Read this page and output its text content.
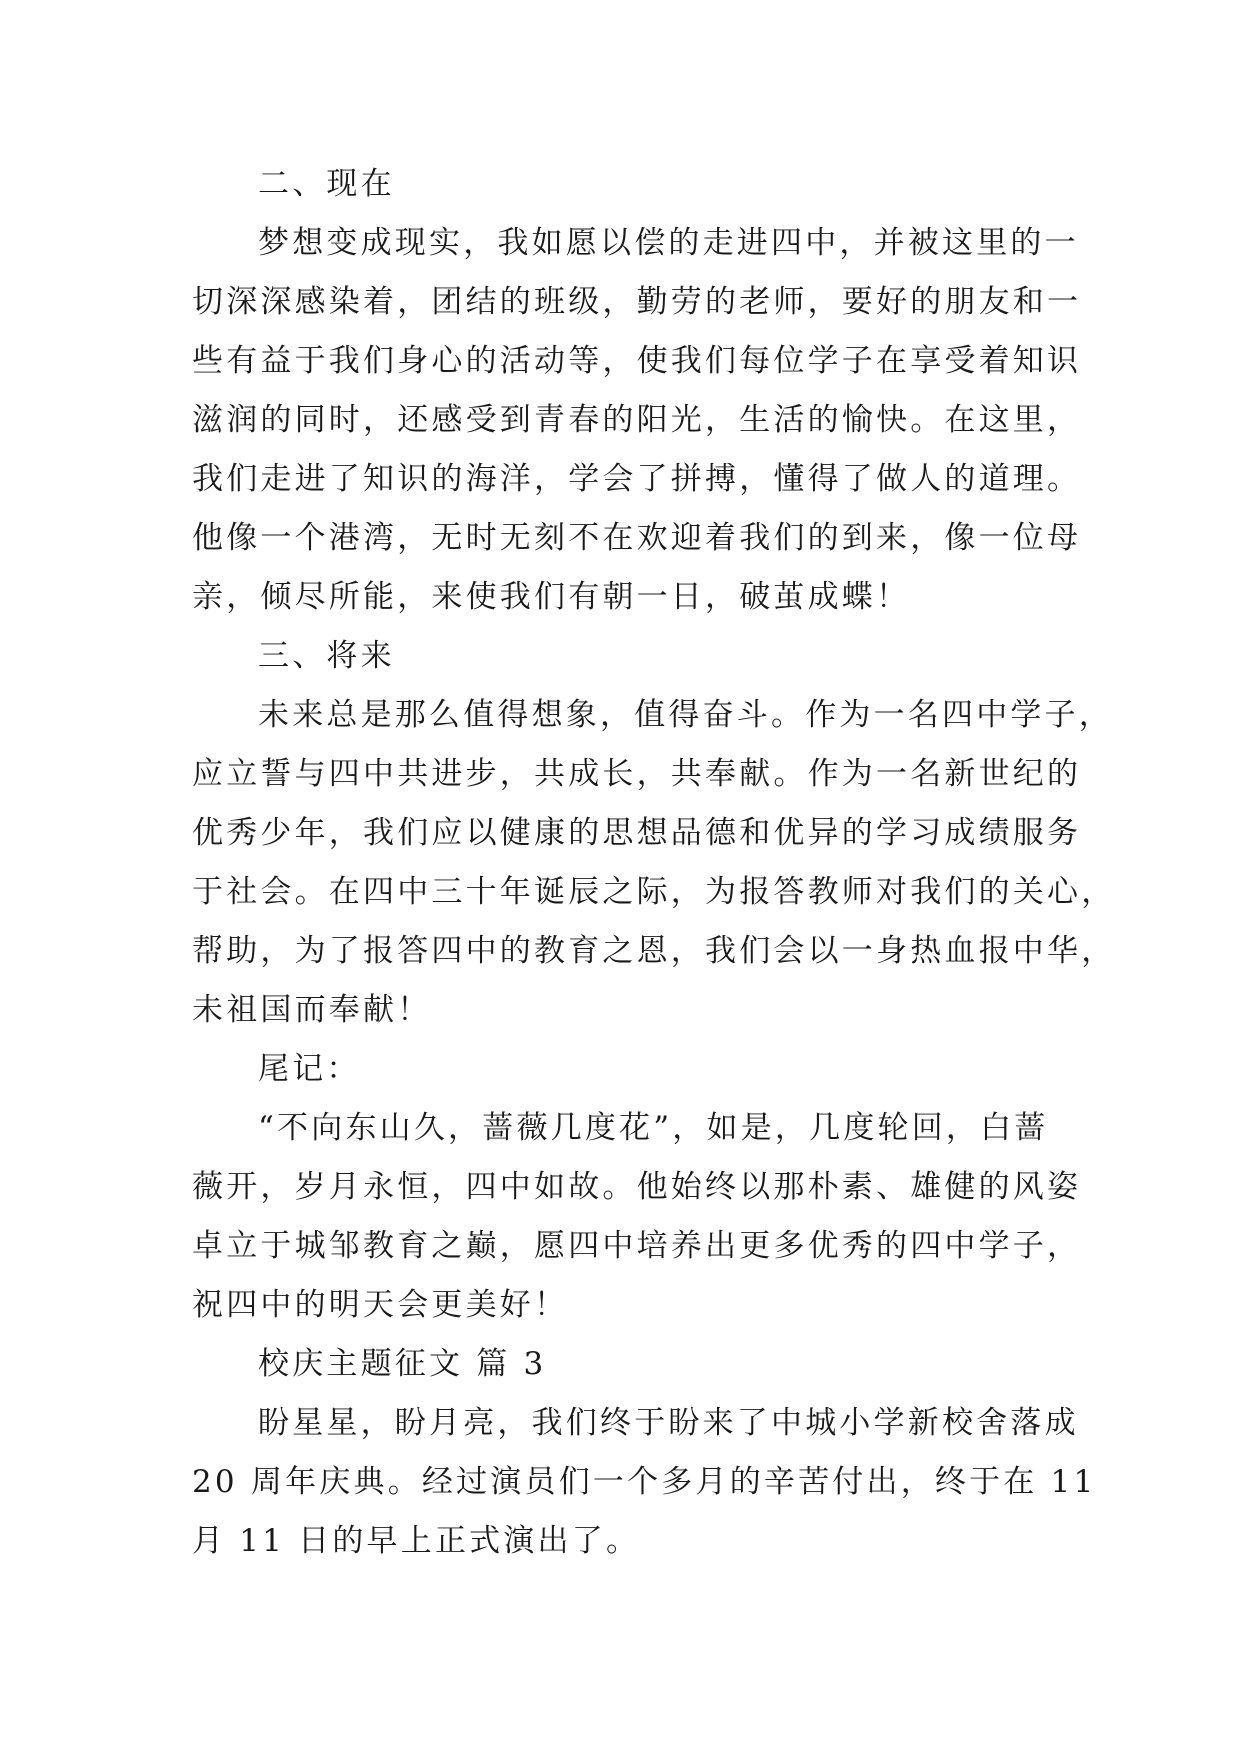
二、现在
梦想变成现实，我如愿以偿的走进四中，并被这里的一
切深深感染着，团结的班级，勤劳的老师，要好的朋友和一
些有益于我们身心的活动等，使我们每位学子在享受着知识
滋润的同时，还感受到青春的阳光，生活的愉快。在这里，
我们走进了知识的海洋，学会了拼搏，懂得了做人的道理。
他像一个港湾，无时无刻不在欢迎着我们的到来，像一位母
亲，倾尽所能，来使我们有朝一日，破茧成蝶！
三、将来
未来总是那么值得想象，值得奋斗。作为一名四中学子，
应立誓与四中共进步，共成长，共奉献。作为一名新世纪的
优秀少年，我们应以健康的思想品德和优异的学习成绩服务
于社会。在四中三十年诞辰之际，为报答教师对我们的关心，
帮助，为了报答四中的教育之恩，我们会以一身热血报中华，
未祖国而奉献！
尾记：
“不向东山久，蔷薇几度花”，如是，几度轮回，白蔷
薇开，岁月永恒，四中如故。他始终以那朴素、雄健的风姿
卓立于城邹教育之巅，愿四中培养出更多优秀的四中学子，
祝四中的明天会更美好！
校庆主题征文 篇 3
盼星星，盼月亮，我们终于盼来了中城小学新校舍落成
20 周年庆典。经过演员们一个多月的辛苦付出，终于在 11
月 11 日的早上正式演出了。
